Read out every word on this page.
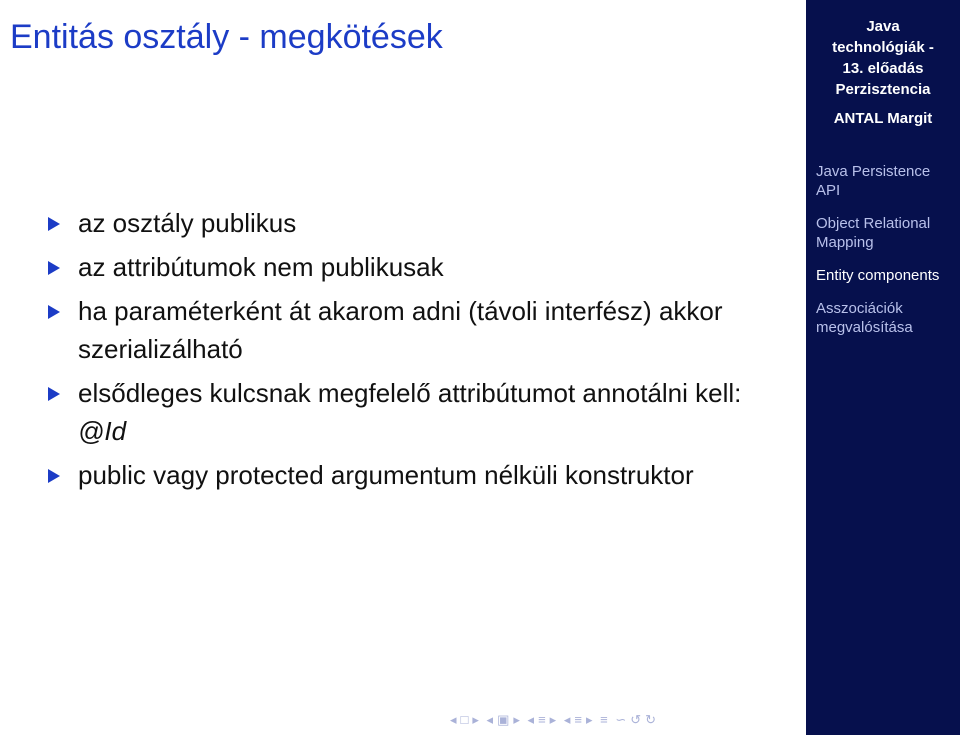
Entitás osztály - megkötések
az osztály publikus
az attribútumok nem publikusak
ha paraméterként át akarom adni (távoli interfész) akkor szerializálható
elsődleges kulcsnak megfelelő attribútumot annotálni kell: @Id
public vagy protected argumentum nélküli konstruktor
◂ □ ▸ ◂ ▣ ▸ ◂ ≡ ▸ ◂ ≡ ▸ ≡ ∽ ↺ ↻
Java
technológiák -
13. előadás
Perzisztencia
ANTAL Margit
Java Persistence API
Object Relational Mapping
Entity components
Asszociációk megvalósítása
